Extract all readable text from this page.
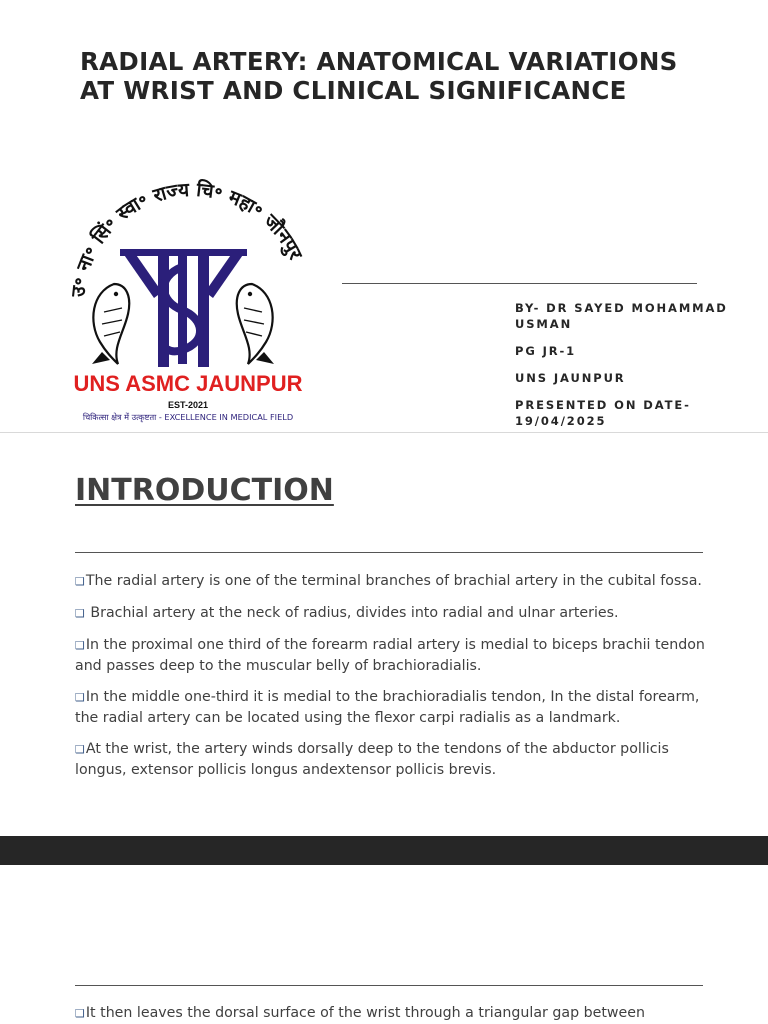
RADIAL ARTERY: ANATOMICAL VARIATIONS
AT WRIST AND CLINICAL SIGNIFICANCE
उ॰ ना॰ सिं॰ स्वा॰ राज्य चि॰ महा॰ जौनपुर
UNS ASMC JAUNPUR
EST-2021
चिकित्सा क्षेत्र में उत्कृष्टता - EXCELLENCE IN MEDICAL FIELD

BY- DR SAYED MOHAMMAD
USMAN

PG JR-1

UNS JAUNPUR

PRESENTED ON DATE-
19/04/2025

INTRODUCTION
❑The radial artery is one of the terminal branches of brachial artery in the cubital fossa.
❑ Brachial artery at the neck of radius, divides into radial and ulnar arteries.
❑In the proximal one third of the forearm radial artery is medial to biceps brachii tendon and passes deep to the muscular belly of brachioradialis.
❑In the middle one-third it is medial to the brachioradialis tendon, In the distal forearm, the radial artery can be located using the flexor carpi radialis as a landmark.
❑At the wrist, the artery winds dorsally deep to the tendons of the abductor pollicis longus, extensor pollicis longus andextensor pollicis brevis.
❑It then leaves the dorsal surface of the wrist through a triangular gap between
